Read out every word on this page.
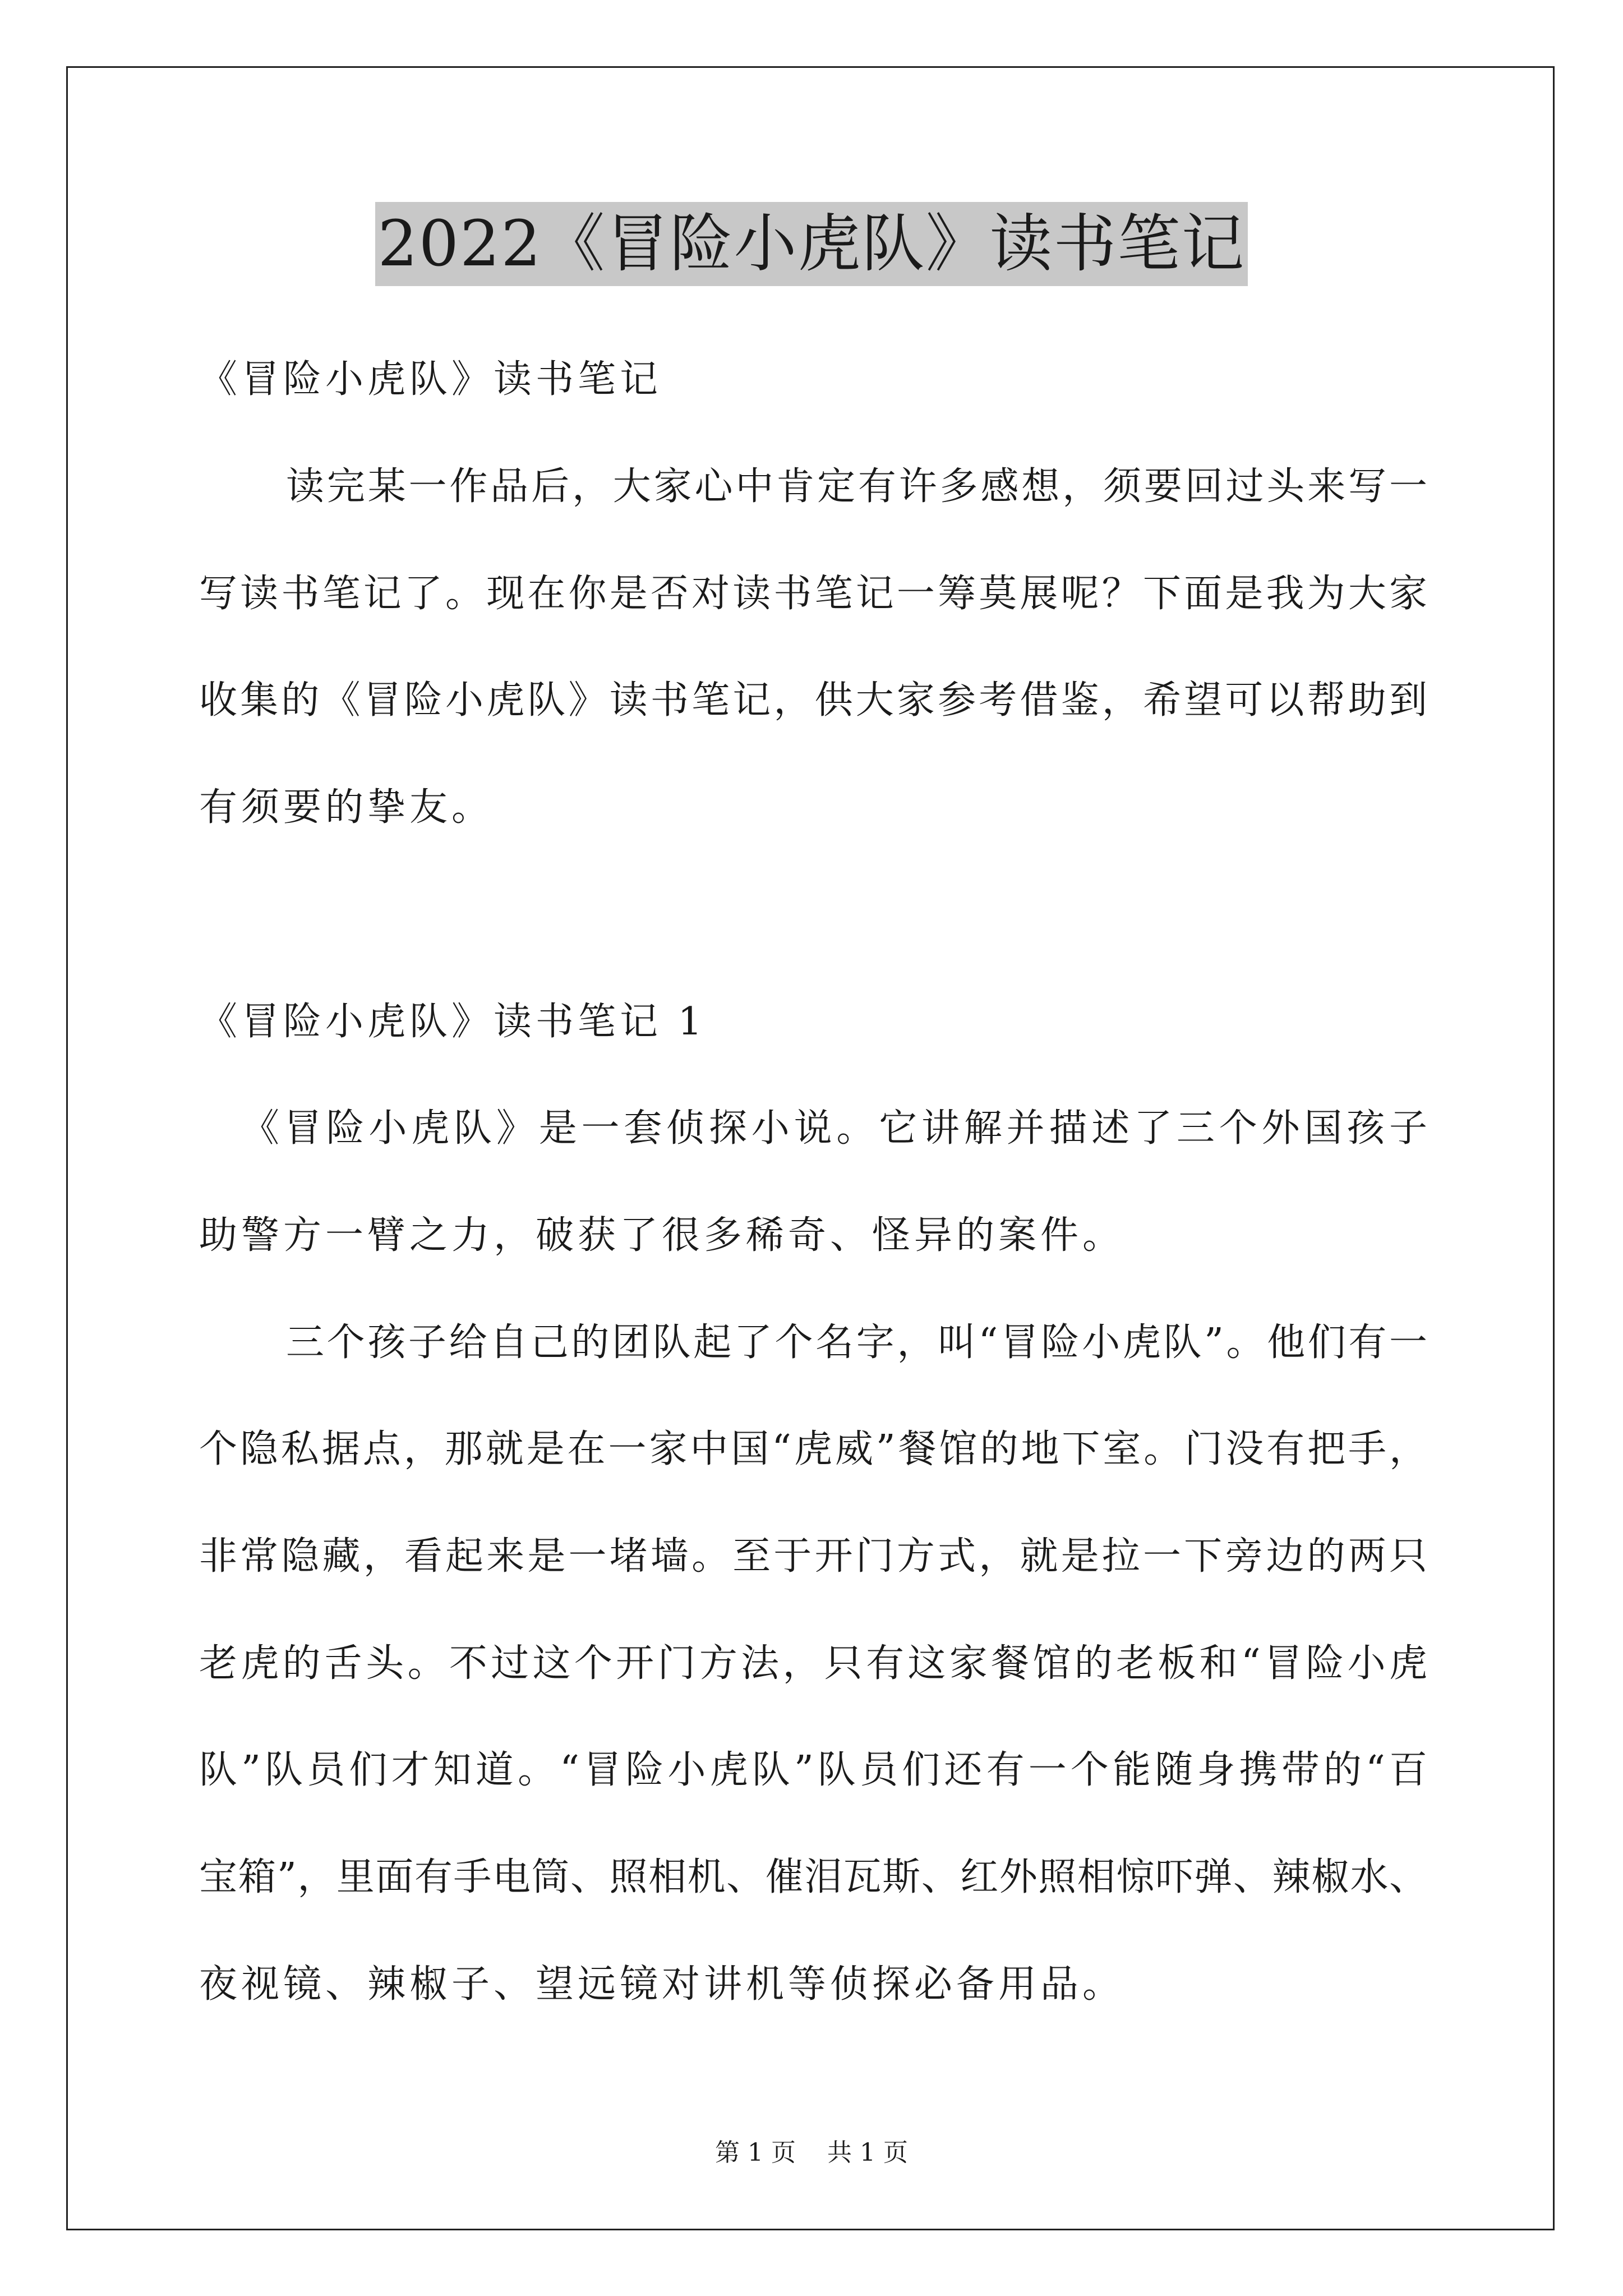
2022《冒险小虎队》读书笔记
《冒险小虎队》读书笔记
读完某一作品后，大家心中肯定有许多感想，须要回过头来写一
写读书笔记了。现在你是否对读书笔记一筹莫展呢？下面是我为大家
收集的《冒险小虎队》读书笔记，供大家参考借鉴，希望可以帮助到
有须要的挚友。
《冒险小虎队》读书笔记 1
《冒险小虎队》是一套侦探小说。它讲解并描述了三个外国孩子
助警方一臂之力，破获了很多稀奇、怪异的案件。
三个孩子给自己的团队起了个名字，叫“冒险小虎队”。他们有一
个隐私据点，那就是在一家中国“虎威”餐馆的地下室。门没有把手，
非常隐藏，看起来是一堵墙。至于开门方式，就是拉一下旁边的两只
老虎的舌头。不过这个开门方法，只有这家餐馆的老板和“冒险小虎
队”队员们才知道。“冒险小虎队”队员们还有一个能随身携带的“百
宝箱”，里面有手电筒、照相机、催泪瓦斯、红外照相惊吓弹、辣椒水、
夜视镜、辣椒子、望远镜对讲机等侦探必备用品。
第 1 页 共 1 页
